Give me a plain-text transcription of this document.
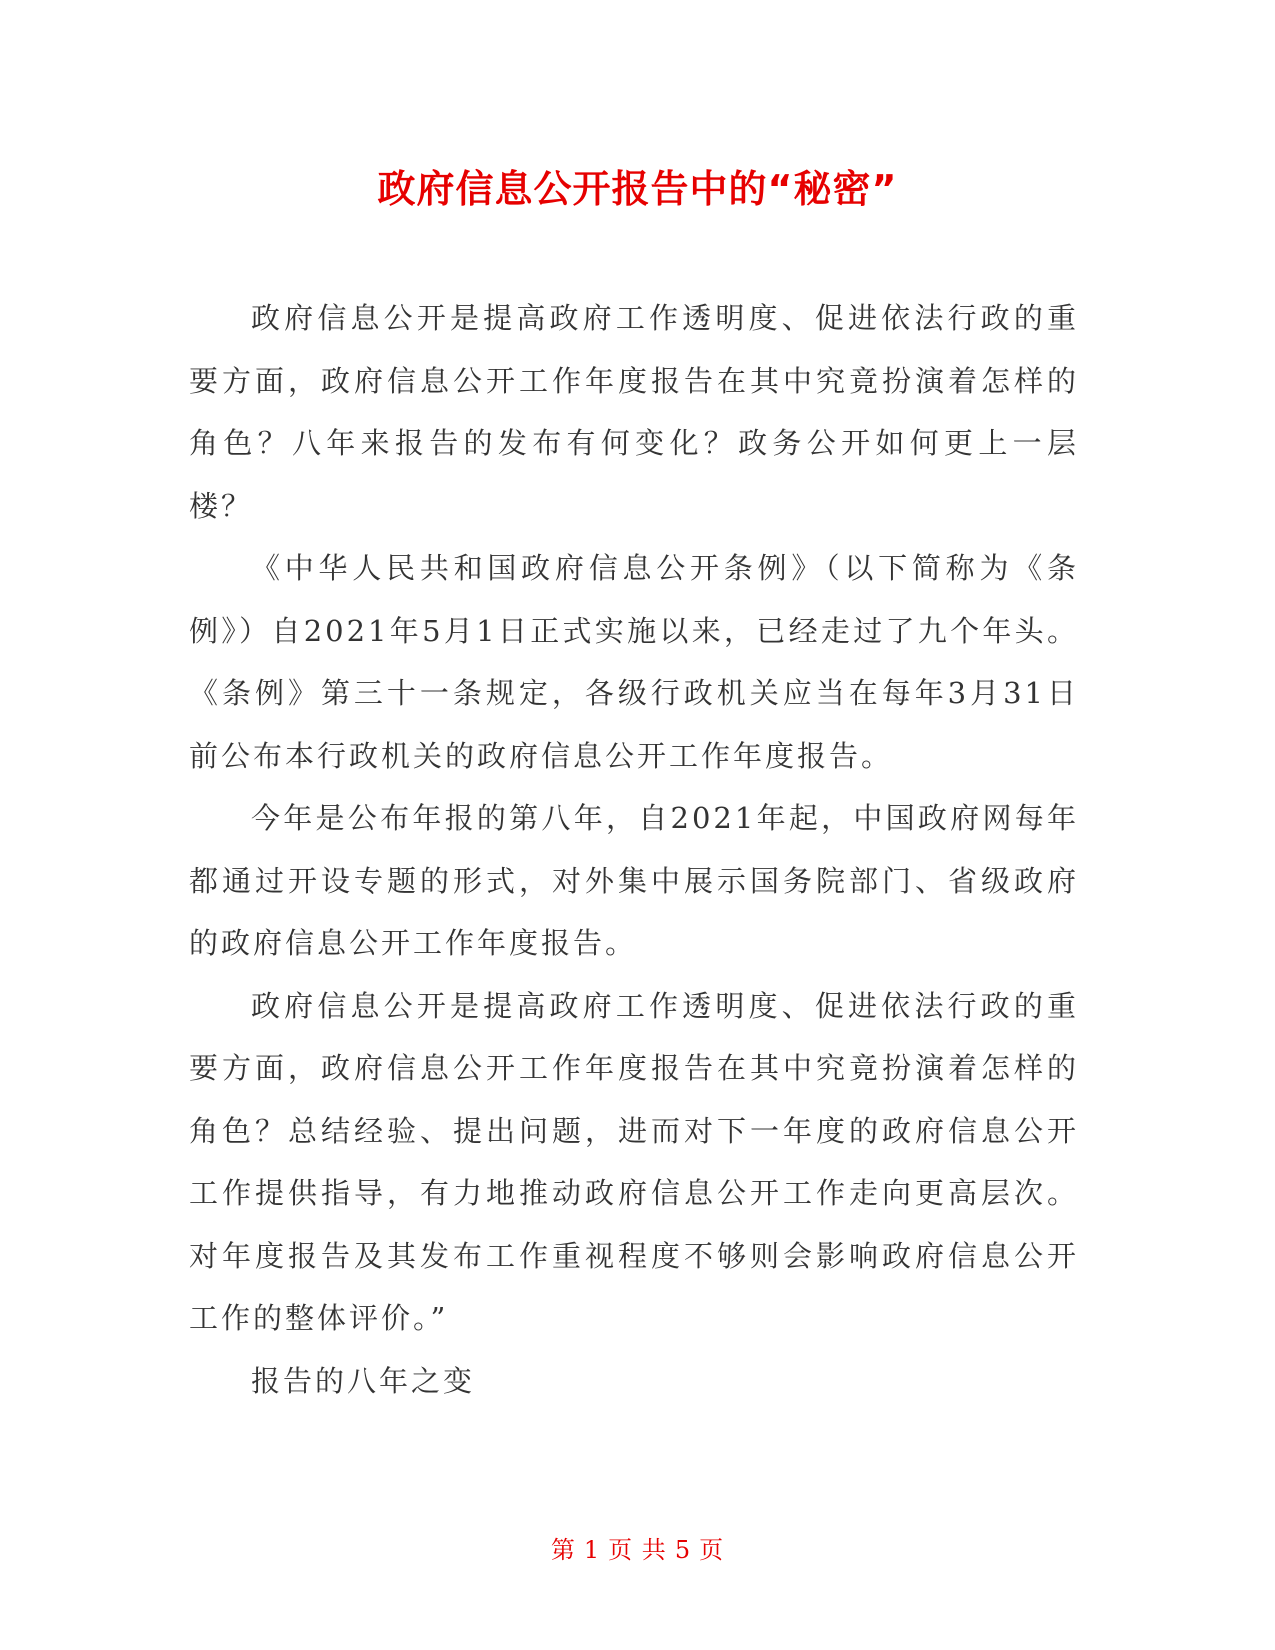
政府信息公开报告中的“秘密”

政府信息公开是提高政府工作透明度、促进依法行政的重要方面，政府信息公开工作年度报告在其中究竟扮演着怎样的角色？八年来报告的发布有何变化？政务公开如何更上一层楼？

《中华人民共和国政府信息公开条例》（以下简称为《条例》）自2021年5月1日正式实施以来，已经走过了九个年头。《条例》第三十一条规定，各级行政机关应当在每年3月31日前公布本行政机关的政府信息公开工作年度报告。

今年是公布年报的第八年，自2021年起，中国政府网每年都通过开设专题的形式，对外集中展示国务院部门、省级政府的政府信息公开工作年度报告。

政府信息公开是提高政府工作透明度、促进依法行政的重要方面，政府信息公开工作年度报告在其中究竟扮演着怎样的角色？总结经验、提出问题，进而对下一年度的政府信息公开工作提供指导，有力地推动政府信息公开工作走向更高层次。对年度报告及其发布工作重视程度不够则会影响政府信息公开工作的整体评价。”

报告的八年之变

第 1 页 共 5 页
